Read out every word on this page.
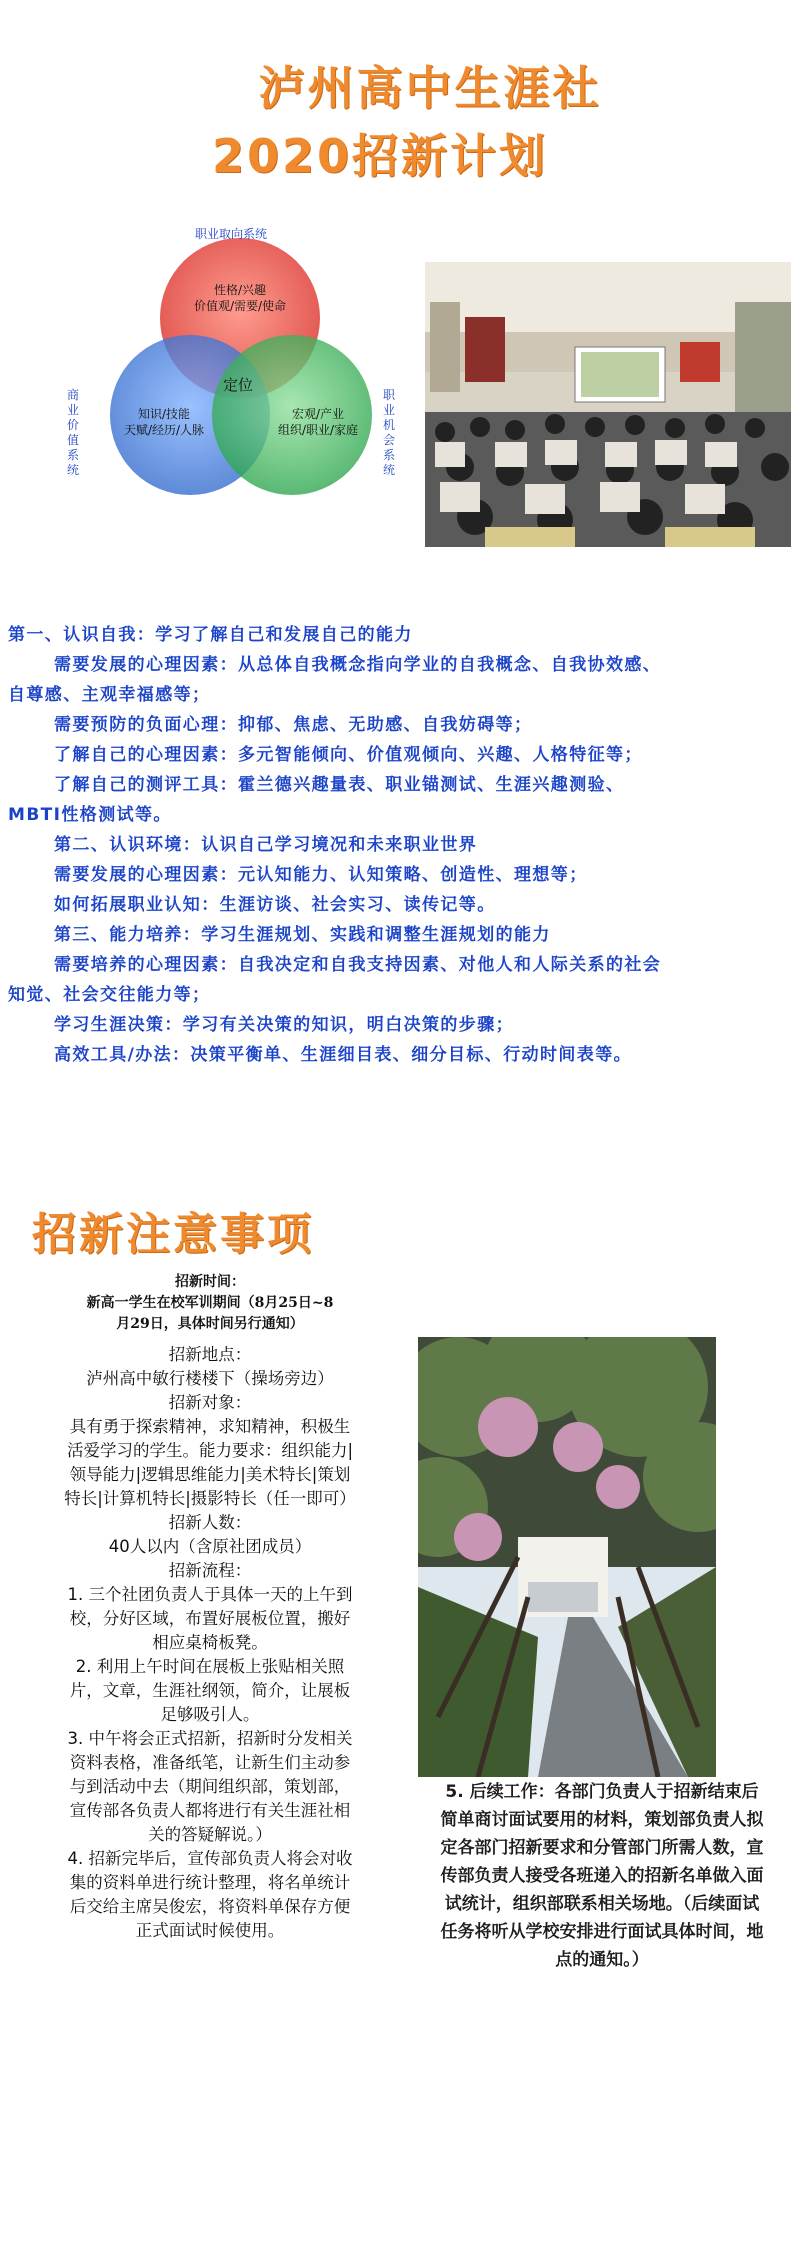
泸州高中生涯社
2020招新计划
职业取向系统
商业价值系统
职业机会系统
性格/兴趣
价值观/需要/使命
知识/技能
天赋/经历/人脉
宏观/产业
组织/职业/家庭
定位

第一、认识自我：学习了解自己和发展自己的能力

需要发展的心理因素：从总体自我概念指向学业的自我概念、自我协效感、

自尊感、主观幸福感等；

需要预防的负面心理：抑郁、焦虑、无助感、自我妨碍等；

了解自己的心理因素：多元智能倾向、价值观倾向、兴趣、人格特征等；

了解自己的测评工具：霍兰德兴趣量表、职业锚测试、生涯兴趣测验、

MBTI性格测试等。

第二、认识环境：认识自己学习境况和未来职业世界

需要发展的心理因素：元认知能力、认知策略、创造性、理想等；

如何拓展职业认知：生涯访谈、社会实习、读传记等。

第三、能力培养：学习生涯规划、实践和调整生涯规划的能力

需要培养的心理因素：自我决定和自我支持因素、对他人和人际关系的社会

知觉、社会交往能力等；

学习生涯决策：学习有关决策的知识，明白决策的步骤；

高效工具/办法：决策平衡单、生涯细目表、细分目标、行动时间表等。

招新注意事项

招新时间：

新高一学生在校军训期间（8月25日~8

月29日，具体时间另行通知）

招新地点：

泸州高中敏行楼楼下（操场旁边）

招新对象：

具有勇于探索精神，求知精神，积极生

活爱学习的学生。能力要求：组织能力|

领导能力|逻辑思维能力|美术特长|策划

特长|计算机特长|摄影特长（任一即可）

招新人数：

40人以内（含原社团成员）

招新流程：

1. 三个社团负责人于具体一天的上午到

校，分好区域，布置好展板位置，搬好

相应桌椅板凳。

2. 利用上午时间在展板上张贴相关照

片，文章，生涯社纲领，简介，让展板

足够吸引人。

3. 中午将会正式招新，招新时分发相关

资料表格，准备纸笔，让新生们主动参

与到活动中去（期间组织部，策划部，

宣传部各负责人都将进行有关生涯社相

关的答疑解说。）

4. 招新完毕后，宣传部负责人将会对收

集的资料单进行统计整理，将名单统计

后交给主席吴俊宏，将资料单保存方便

正式面试时候使用。

5. 后续工作：各部门负责人于招新结束后
简单商讨面试要用的材料，策划部负责人拟
定各部门招新要求和分管部门所需人数，宣
传部负责人接受各班递入的招新名单做入面
试统计，组织部联系相关场地。（后续面试
任务将听从学校安排进行面试具体时间，地
点的通知。）
